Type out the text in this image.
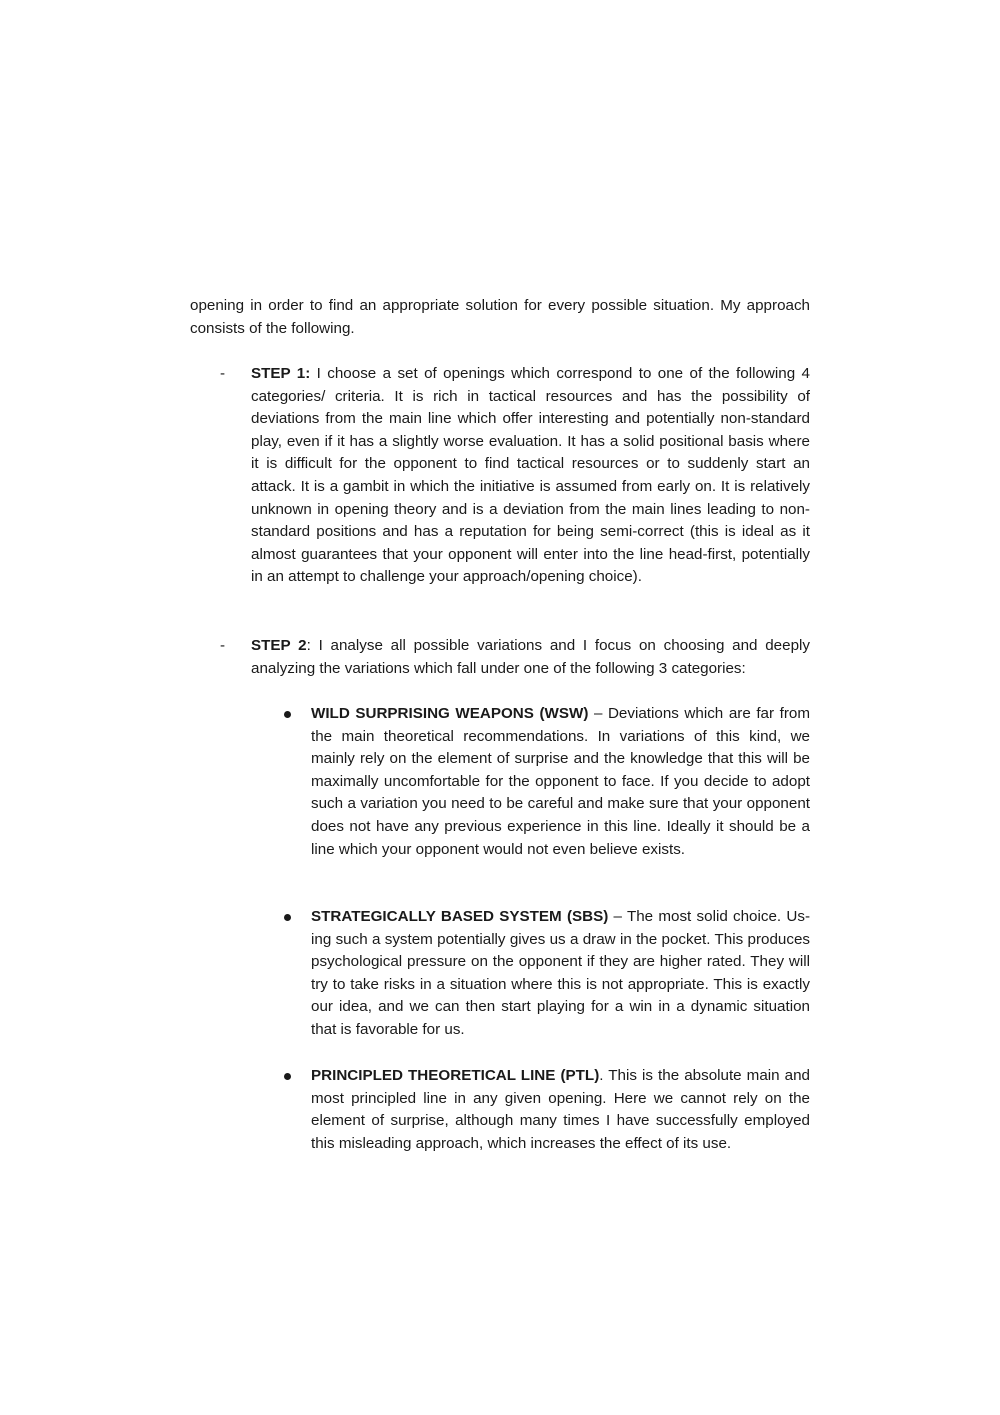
opening in order to find an appropriate solution for every possible situation. My approach consists of the following.

- STEP 1: I choose a set of openings which correspond to one of the following 4 categories/ criteria. It is rich in tactical resources and has the possibility of deviations from the main line which offer interesting and potentially non-standard play, even if it has a slightly worse evaluation. It has a solid positional basis where it is difficult for the opponent to find tactical resources or to suddenly start an attack. It is a gambit in which the initiative is assumed from early on. It is relatively unknown in opening theory and is a deviation from the main lines leading to non-standard positions and has a reputation for being semi-correct (this is ideal as it almost guarantees that your opponent will enter into the line head-first, potentially in an attempt to challenge your approach/opening choice).
- STEP 2: I analyse all possible variations and I focus on choosing and deeply analyzing the variations which fall under one of the following 3 categories:
WILD SURPRISING WEAPONS (WSW) – Deviations which are far from the main theoretical recommendations. In variations of this kind, we mainly rely on the element of surprise and the knowledge that this will be maximally uncomfortable for the opponent to face. If you decide to adopt such a variation you need to be careful and make sure that your opponent does not have any previous experience in this line. Ideally it should be a line which your opponent would not even believe exists.
STRATEGICALLY BASED SYSTEM (SBS) – The most solid choice. Using such a system potentially gives us a draw in the pocket. This produces psychological pressure on the opponent if they are higher rated. They will try to take risks in a situation where this is not appropriate. This is exactly our idea, and we can then start playing for a win in a dynamic situation that is favorable for us.
PRINCIPLED THEORETICAL LINE (PTL). This is the absolute main and most principled line in any given opening. Here we cannot rely on the element of surprise, although many times I have successfully employed this misleading approach, which increases the effect of its use.
